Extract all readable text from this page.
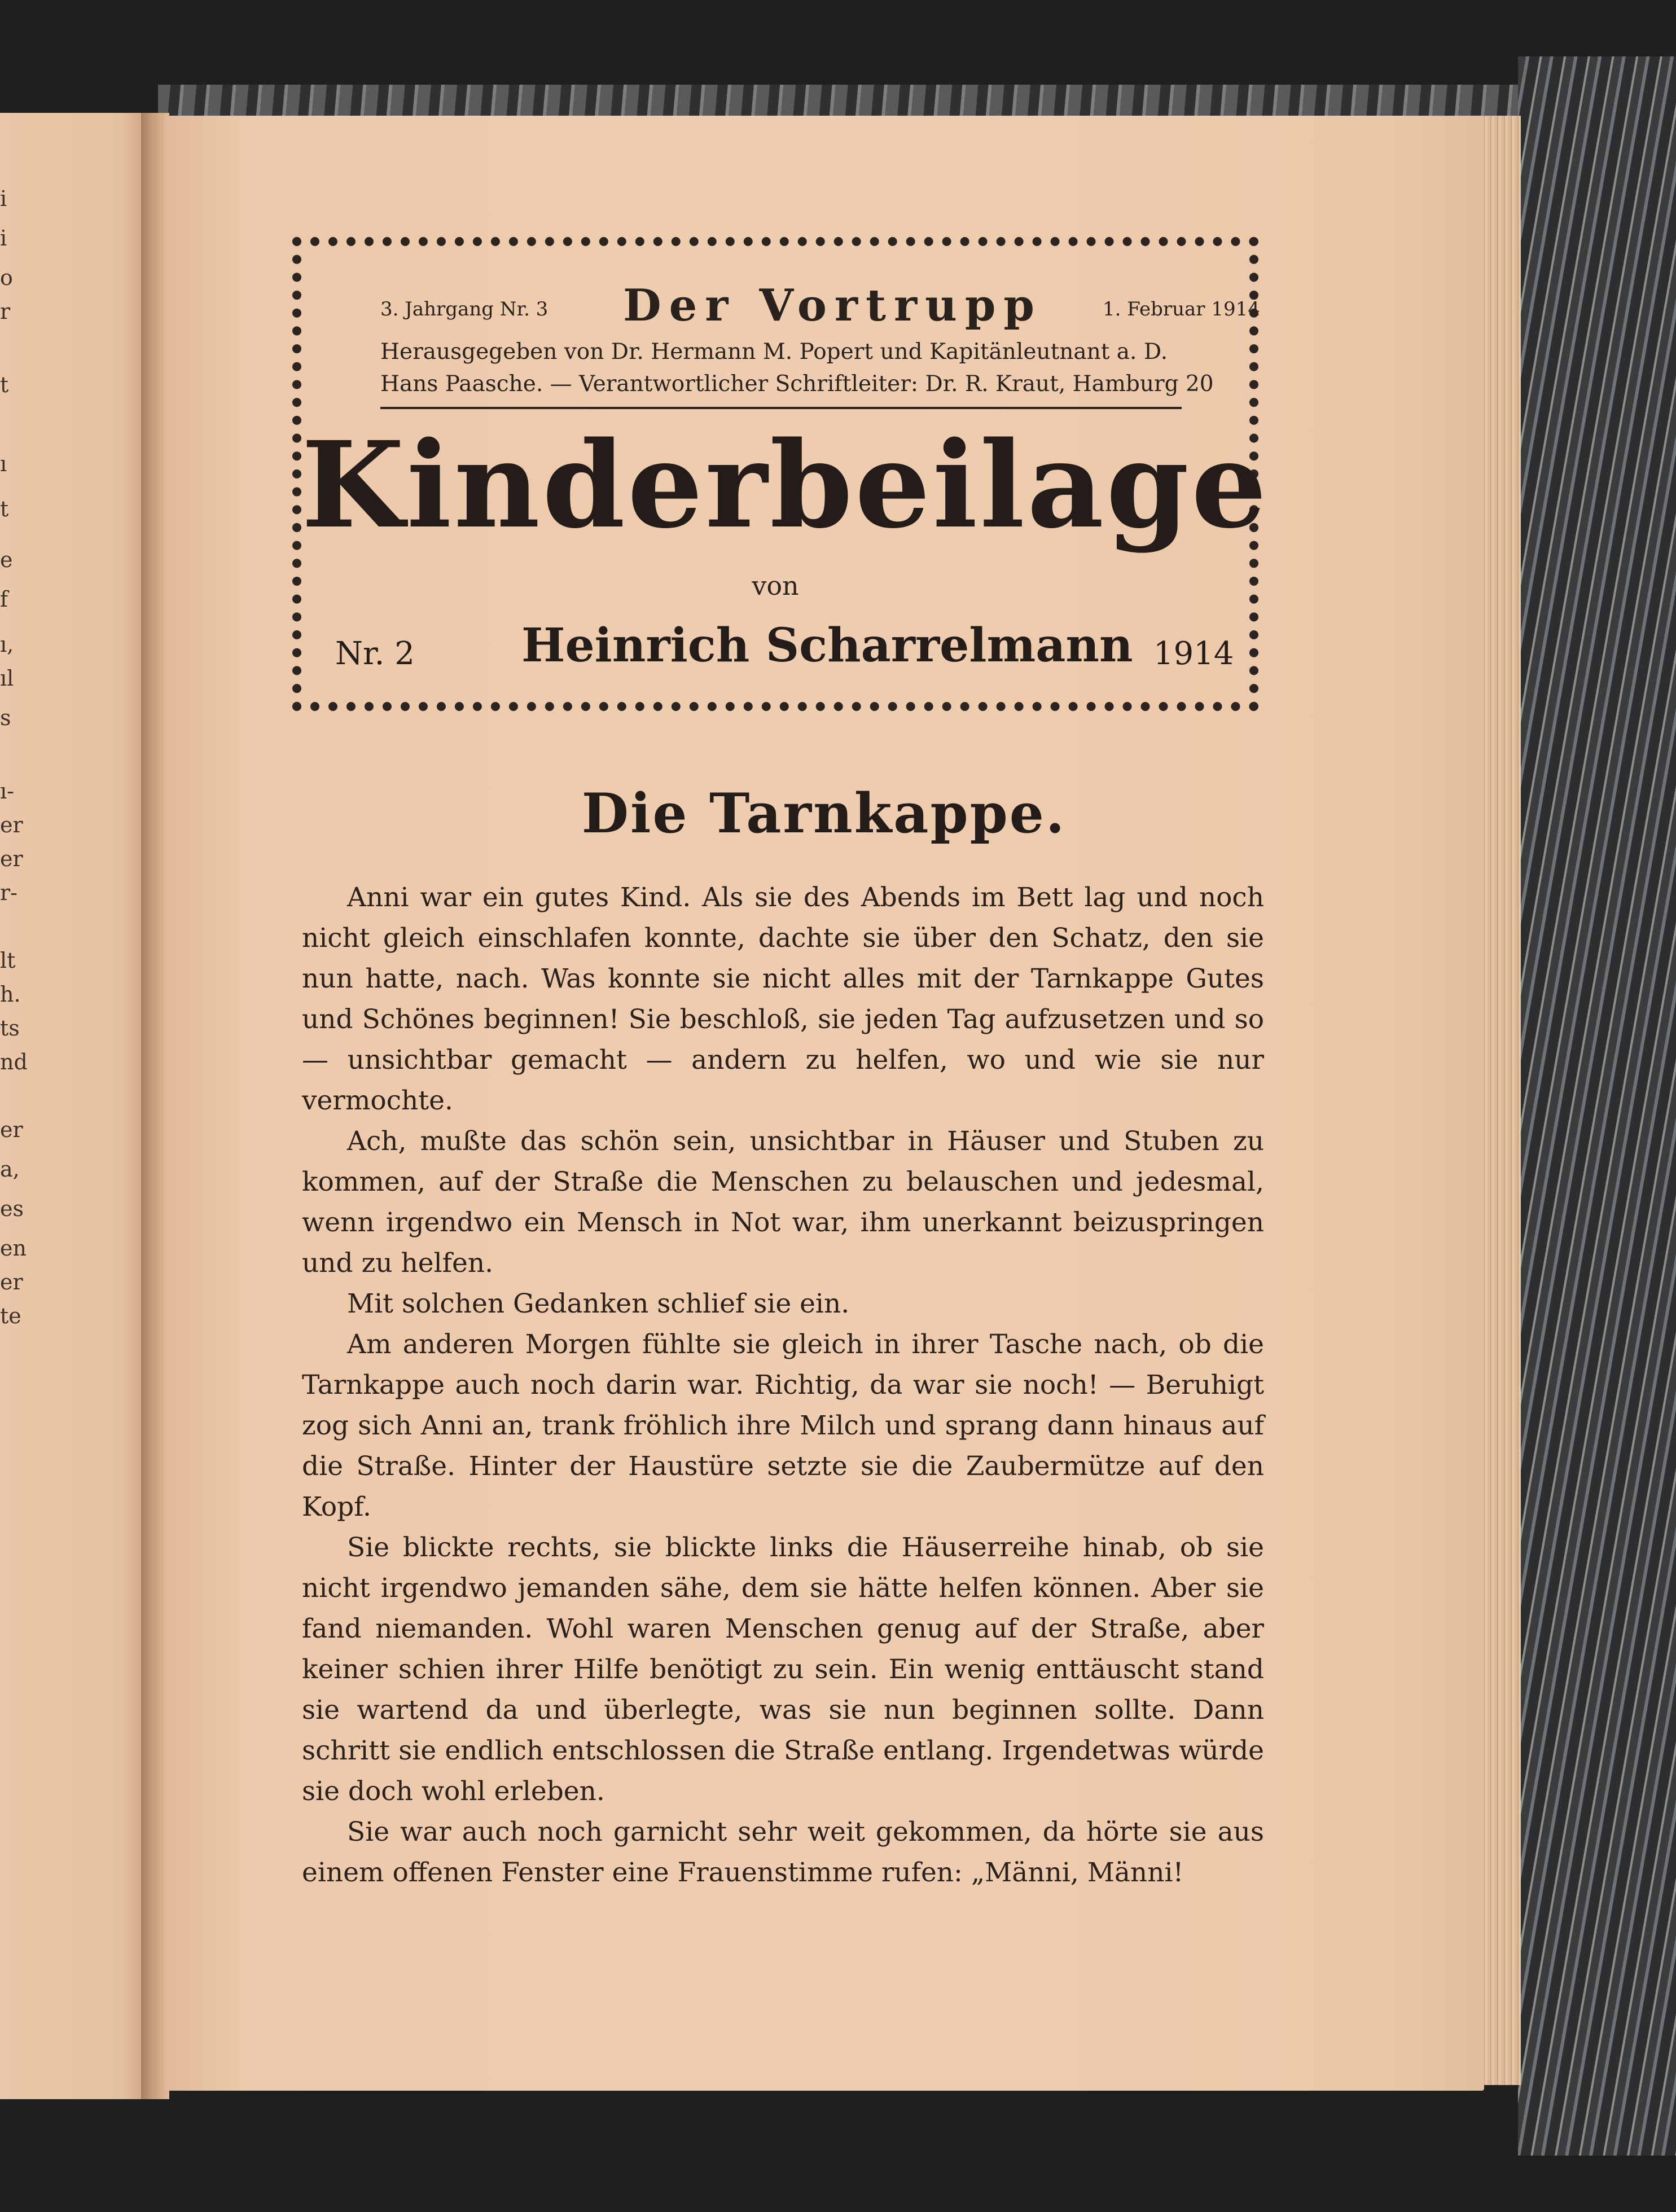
i
i
o
r
t
ı
t
e
f
ı,
ıl
s
ı-
er
er
r-
lt
h.
ts
nd
er
a,
es
en
er
te
3. Jahrgang Nr. 3 Der Vortrupp	1. Februar 1914
Herausgegeben von Dr. Hermann M. Popert und Kapitänleutnant a. D.
Hans Paasche. — Verantwortlicher Schriftleiter: Dr. R. Kraut, Hamburg 20
Kinderbeilage
von
Nr. 2 Heinrich Scharrelmann 1914
Die Tarnkappe.

Anni war ein gutes Kind. Als sie des Abends im Bett lag und noch nicht gleich einschlafen konnte, dachte sie über den Schatz, den sie nun hatte, nach. Was konnte sie nicht alles mit der Tarnkappe Gutes und Schönes beginnen! Sie beschloß, sie jeden Tag aufzusetzen und so — unsichtbar gemacht — andern zu helfen, wo und wie sie nur vermochte.

Ach, mußte das schön sein, unsichtbar in Häuser und Stuben zu kommen, auf der Straße die Menschen zu belauschen und jedesmal, wenn irgendwo ein Mensch in Not war, ihm unerkannt beizuspringen und zu helfen.

Mit solchen Gedanken schlief sie ein.

Am anderen Morgen fühlte sie gleich in ihrer Tasche nach, ob die Tarnkappe auch noch darin war. Richtig, da war sie noch! — Beruhigt zog sich Anni an, trank fröhlich ihre Milch und sprang dann hinaus auf die Straße. Hinter der Haustüre setzte sie die Zaubermütze auf den Kopf.

Sie blickte rechts, sie blickte links die Häuserreihe hinab, ob sie nicht irgendwo jemanden sähe, dem sie hätte helfen können. Aber sie fand niemanden. Wohl waren Menschen genug auf der Straße, aber keiner schien ihrer Hilfe benötigt zu sein. Ein wenig enttäuscht stand sie wartend da und überlegte, was sie nun beginnen sollte. Dann schritt sie endlich entschlossen die Straße entlang. Irgendetwas würde sie doch wohl erleben.

Sie war auch noch garnicht sehr weit gekommen, da hörte sie aus einem offenen Fenster eine Frauenstimme rufen: „Männi, Männi!
